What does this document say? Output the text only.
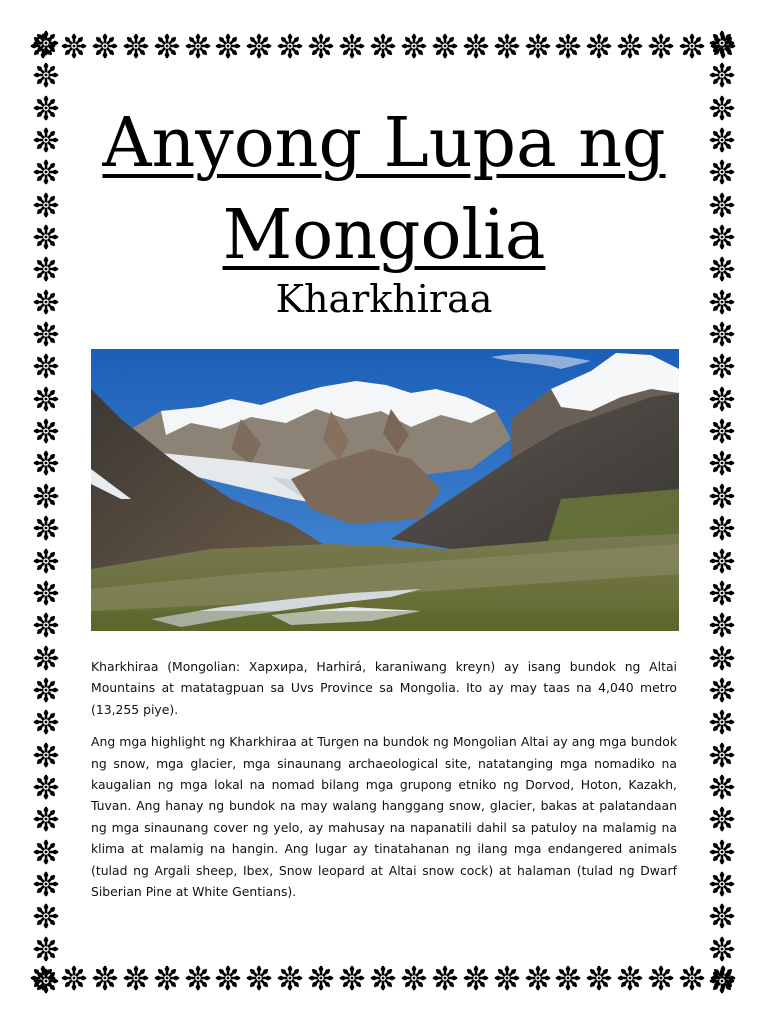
Anyong Lupa ng
Mongolia
Kharkhiraa

Kharkhiraa (Mongolian: Хархира, Harhirá, karaniwang kreyn) ay isang bundok ng Altai Mountains at matatagpuan sa Uvs Province sa Mongolia. Ito ay may taas na 4,040 metro (13,255 piye).

Ang mga highlight ng Kharkhiraa at Turgen na bundok ng Mongolian Altai ay ang mga bundok ng snow, mga glacier, mga sinaunang archaeological site, natatanging mga nomadiko na kaugalian ng mga lokal na nomad bilang mga grupong etniko ng Dorvod, Hoton, Kazakh, Tuvan. Ang hanay ng bundok na may walang hanggang snow, glacier, bakas at palatandaan ng mga sinaunang cover ng yelo, ay mahusay na napanatili dahil sa patuloy na malamig na klima at malamig na hangin. Ang lugar ay tinatahanan ng ilang mga endangered animals (tulad ng Argali sheep, Ibex, Snow leopard at Altai snow cock) at halaman (tulad ng Dwarf Siberian Pine at White Gentians).
